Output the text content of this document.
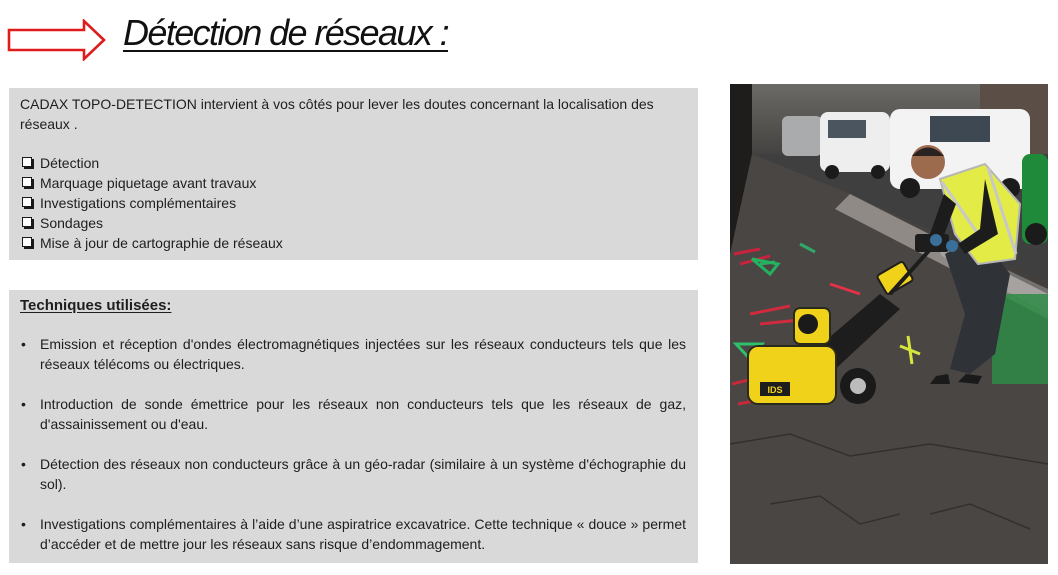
Détection de réseaux :

CADAX TOPO-DETECTION intervient à vos côtés pour lever les doutes concernant la localisation des réseaux .

Détection
Marquage piquetage avant travaux
Investigations complémentaires
Sondages
Mise à jour de cartographie de réseaux

Techniques utilisées:

• Emission et réception d'ondes électromagnétiques injectées sur les réseaux conducteurs tels que les réseaux télécoms ou électriques.
• Introduction de sonde émettrice pour les réseaux non conducteurs tels que les réseaux de gaz, d'assainissement ou d'eau.
• Détection des réseaux non conducteurs grâce à un géo-radar (similaire à un système d'échographie du sol).
• Investigations complémentaires à l’aide d’une aspiratrice excavatrice. Cette technique « douce » permet d’accéder et de mettre jour les réseaux sans risque d’endommagement.
IDS
